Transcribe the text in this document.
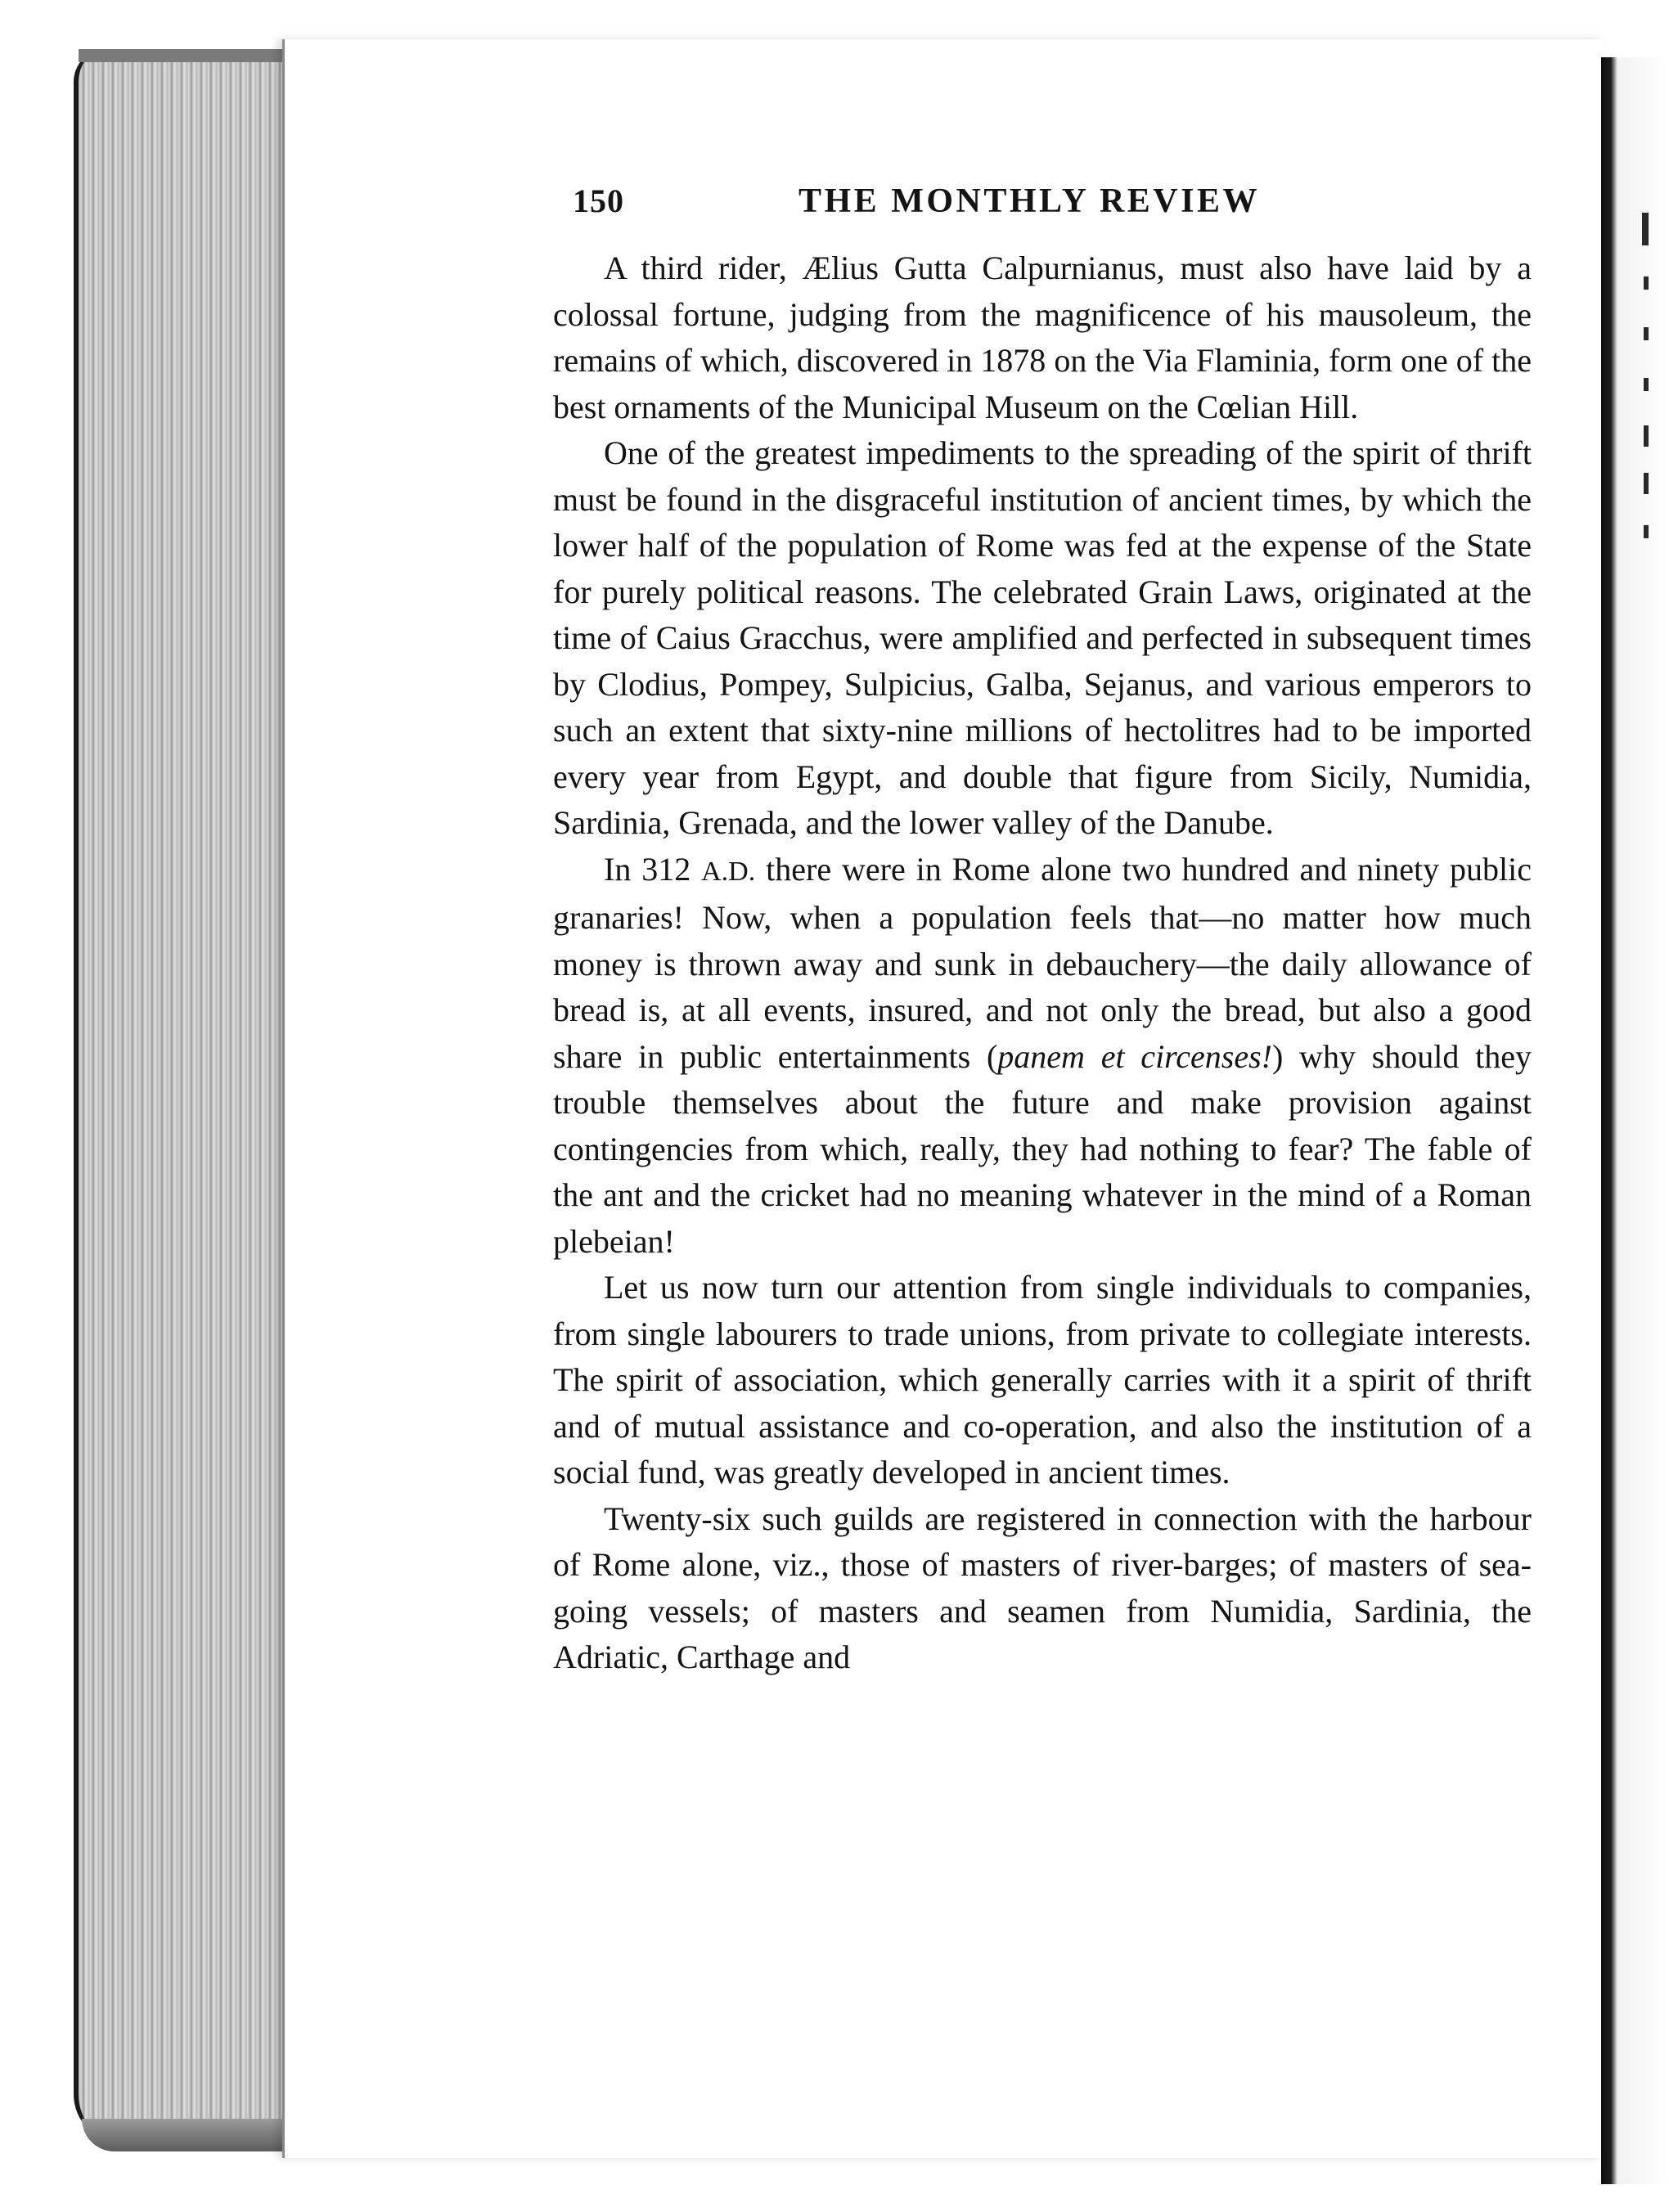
150	THE MONTHLY REVIEW

A third rider, Ælius Gutta Calpurnianus, must also have laid by a colossal fortune, judging from the magnificence of his mausoleum, the remains of which, discovered in 1878 on the Via Flaminia, form one of the best ornaments of the Municipal Museum on the Cœlian Hill.

One of the greatest impediments to the spreading of the spirit of thrift must be found in the disgraceful institution of ancient times, by which the lower half of the population of Rome was fed at the expense of the State for purely political reasons. The celebrated Grain Laws, originated at the time of Caius Gracchus, were amplified and perfected in subsequent times by Clodius, Pompey, Sulpicius, Galba, Sejanus, and various emperors to such an extent that sixty-nine millions of hectolitres had to be imported every year from Egypt, and double that figure from Sicily, Numidia, Sardinia, Grenada, and the lower valley of the Danube.

In 312 A.D. there were in Rome alone two hundred and ninety public granaries! Now, when a population feels that—no matter how much money is thrown away and sunk in debauchery—the daily allowance of bread is, at all events, insured, and not only the bread, but also a good share in public entertainments (panem et circenses!) why should they trouble themselves about the future and make provision against contingencies from which, really, they had nothing to fear? The fable of the ant and the cricket had no meaning whatever in the mind of a Roman plebeian!

Let us now turn our attention from single individuals to companies, from single labourers to trade unions, from private to collegiate interests. The spirit of association, which generally carries with it a spirit of thrift and of mutual assistance and co-operation, and also the institution of a social fund, was greatly developed in ancient times.

Twenty-six such guilds are registered in connection with the harbour of Rome alone, viz., those of masters of river-barges; of masters of sea-going vessels; of masters and seamen from Numidia, Sardinia, the Adriatic, Carthage and
